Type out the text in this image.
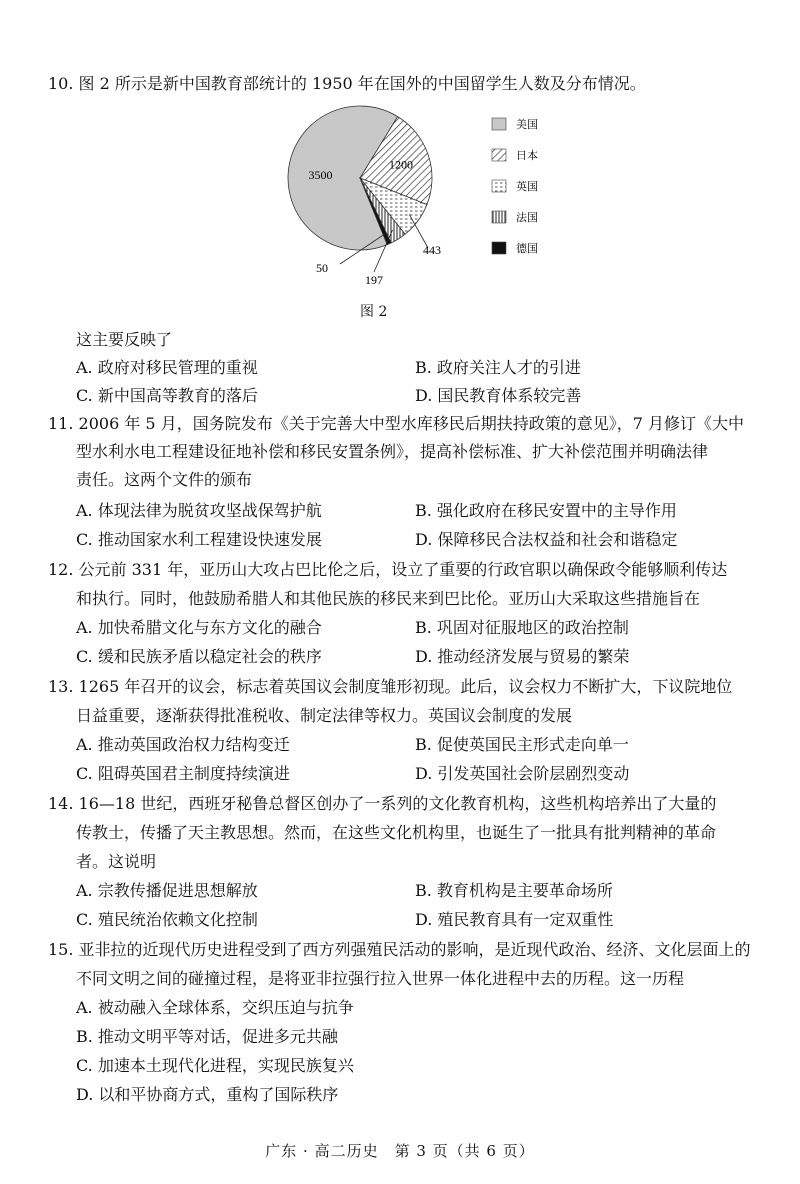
10. 图 2 所示是新中国教育部统计的 1950 年在国外的中国留学生人数及分布情况。
3500
1200
443
197
50
美国
日本
英国
法国
德国
图 2
这主要反映了
A. 政府对移民管理的重视	B. 政府关注人才的引进
C. 新中国高等教育的落后	D. 国民教育体系较完善
11. 2006 年 5 月，国务院发布《关于完善大中型水库移民后期扶持政策的意见》，7 月修订《大中
型水利水电工程建设征地补偿和移民安置条例》，提高补偿标准、扩大补偿范围并明确法律
责任。这两个文件的颁布
A. 体现法律为脱贫攻坚战保驾护航	B. 强化政府在移民安置中的主导作用
C. 推动国家水利工程建设快速发展	D. 保障移民合法权益和社会和谐稳定
12. 公元前 331 年，亚历山大攻占巴比伦之后，设立了重要的行政官职以确保政令能够顺利传达
和执行。同时，他鼓励希腊人和其他民族的移民来到巴比伦。亚历山大采取这些措施旨在
A. 加快希腊文化与东方文化的融合	B. 巩固对征服地区的政治控制
C. 缓和民族矛盾以稳定社会的秩序	D. 推动经济发展与贸易的繁荣
13. 1265 年召开的议会，标志着英国议会制度雏形初现。此后，议会权力不断扩大，下议院地位
日益重要，逐渐获得批准税收、制定法律等权力。英国议会制度的发展
A. 推动英国政治权力结构变迁	B. 促使英国民主形式走向单一
C. 阻碍英国君主制度持续演进	D. 引发英国社会阶层剧烈变动
14. 16—18 世纪，西班牙秘鲁总督区创办了一系列的文化教育机构，这些机构培养出了大量的
传教士，传播了天主教思想。然而，在这些文化机构里，也诞生了一批具有批判精神的革命
者。这说明
A. 宗教传播促进思想解放	B. 教育机构是主要革命场所
C. 殖民统治依赖文化控制	D. 殖民教育具有一定双重性
15. 亚非拉的近现代历史进程受到了西方列强殖民活动的影响，是近现代政治、经济、文化层面上的
不同文明之间的碰撞过程，是将亚非拉强行拉入世界一体化进程中去的历程。这一历程
A. 被动融入全球体系，交织压迫与抗争
B. 推动文明平等对话，促进多元共融
C. 加速本土现代化进程，实现民族复兴
D. 以和平协商方式，重构了国际秩序
广东 · 高二历史　第 3 页（共 6 页）
